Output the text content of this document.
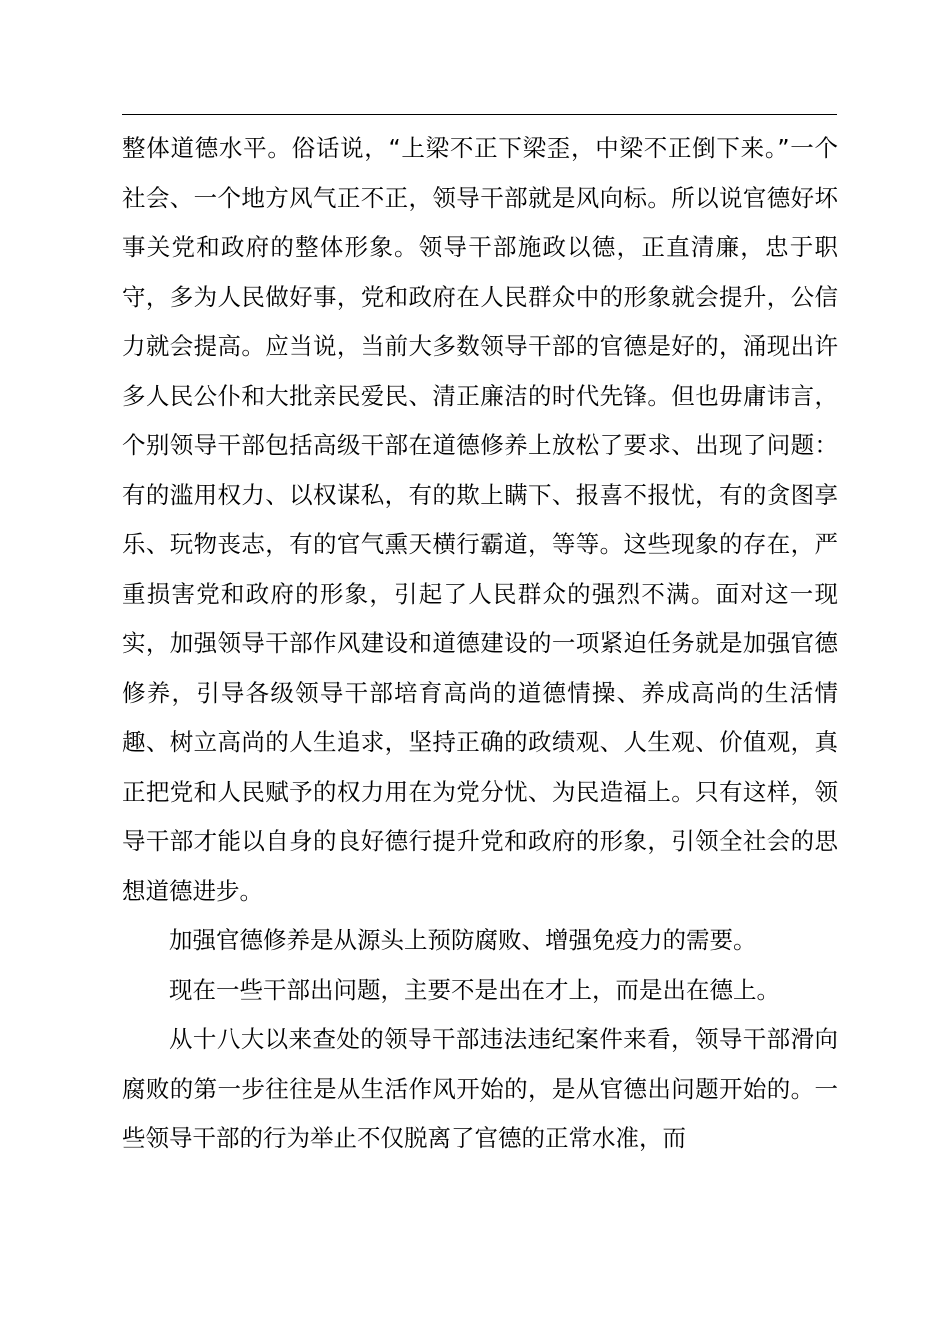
整体道德水平。俗话说，“上梁不正下梁歪，中梁不正倒下来。”一个社会、一个地方风气正不正，领导干部就是风向标。所以说官德好坏事关党和政府的整体形象。领导干部施政以德，正直清廉，忠于职守，多为人民做好事，党和政府在人民群众中的形象就会提升，公信力就会提高。应当说，当前大多数领导干部的官德是好的，涌现出许多人民公仆和大批亲民爱民、清正廉洁的时代先锋。但也毋庸讳言，个别领导干部包括高级干部在道德修养上放松了要求、出现了问题：有的滥用权力、以权谋私，有的欺上瞒下、报喜不报忧，有的贪图享乐、玩物丧志，有的官气熏天横行霸道，等等。这些现象的存在，严重损害党和政府的形象，引起了人民群众的强烈不满。面对这一现实，加强领导干部作风建设和道德建设的一项紧迫任务就是加强官德修养，引导各级领导干部培育高尚的道德情操、养成高尚的生活情趣、树立高尚的人生追求，坚持正确的政绩观、人生观、价值观，真正把党和人民赋予的权力用在为党分忧、为民造福上。只有这样，领导干部才能以自身的良好德行提升党和政府的形象，引领全社会的思想道德进步。

加强官德修养是从源头上预防腐败、增强免疫力的需要。

现在一些干部出问题，主要不是出在才上，而是出在德上。

从十八大以来查处的领导干部违法违纪案件来看，领导干部滑向腐败的第一步往往是从生活作风开始的，是从官德出问题开始的。一些领导干部的行为举止不仅脱离了官德的正常水准，而
